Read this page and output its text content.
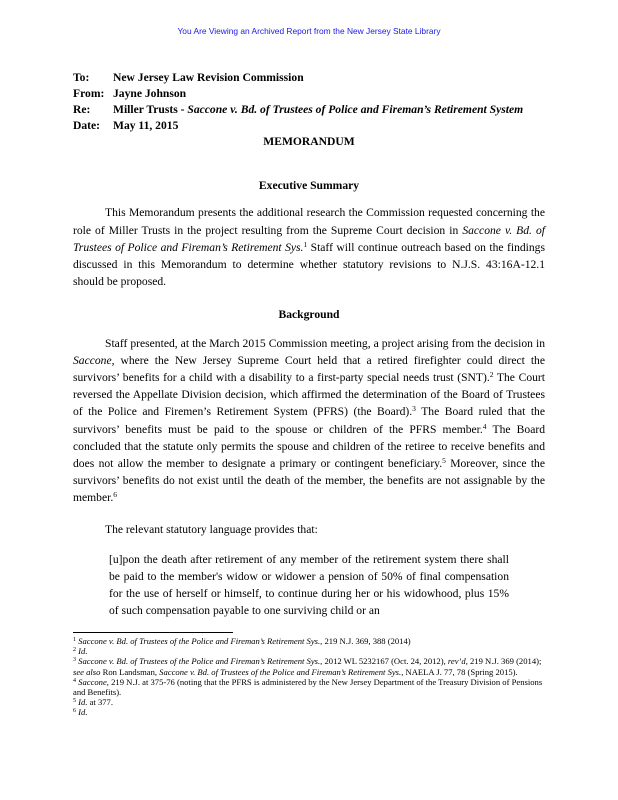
You Are Viewing an Archived Report from the New Jersey State Library
To:	New Jersey Law Revision Commission
From: Jayne Johnson
Re:	Miller Trusts - Saccone v. Bd. of Trustees of Police and Fireman’s Retirement System
Date:	May 11, 2015
MEMORANDUM
Executive Summary

This Memorandum presents the additional research the Commission requested concerning the role of Miller Trusts in the project resulting from the Supreme Court decision in Saccone v. Bd. of Trustees of Police and Fireman’s Retirement Sys.$^1$ Staff will continue outreach based on the findings discussed in this Memorandum to determine whether statutory revisions to N.J.S. 43:16A-12.1 should be proposed.

Background

Staff presented, at the March 2015 Commission meeting, a project arising from the decision in Saccone, where the New Jersey Supreme Court held that a retired firefighter could direct the survivors’ benefits for a child with a disability to a first-party special needs trust (SNT).$^2$ The Court reversed the Appellate Division decision, which affirmed the determination of the Board of Trustees of the Police and Firemen’s Retirement System (PFRS) (the Board).$^3$ The Board ruled that the survivors’ benefits must be paid to the spouse or children of the PFRS member.$^4$ The Board concluded that the statute only permits the spouse and children of the retiree to receive benefits and does not allow the member to designate a primary or contingent beneficiary.$^5$ Moreover, since the survivors’ benefits do not exist until the death of the member, the benefits are not assignable by the member.$^6$

The relevant statutory language provides that:

[u]pon the death after retirement of any member of the retirement system there shall be paid to the member's widow or widower a pension of 50% of final compensation for the use of herself or himself, to continue during her or his widowhood, plus 15% of such compensation payable to one surviving child or an

$^1$ Saccone v. Bd. of Trustees of the Police and Fireman’s Retirement Sys., 219 N.J. 369, 388 (2014)
$^2$ Id.
$^3$ Saccone v. Bd. of Trustees of the Police and Fireman’s Retirement Sys., 2012 WL 5232167 (Oct. 24, 2012), rev’d, 219 N.J. 369 (2014); see also Ron Landsman, Saccone v. Bd. of Trustees of the Police and Fireman’s Retirement Sys., NAELA J. 77, 78 (Spring 2015).
$^4$ Saccone, 219 N.J. at 375-76 (noting that the PFRS is administered by the New Jersey Department of the Treasury Division of Pensions and Benefits).
$^5$ Id. at 377.
$^6$ Id.
